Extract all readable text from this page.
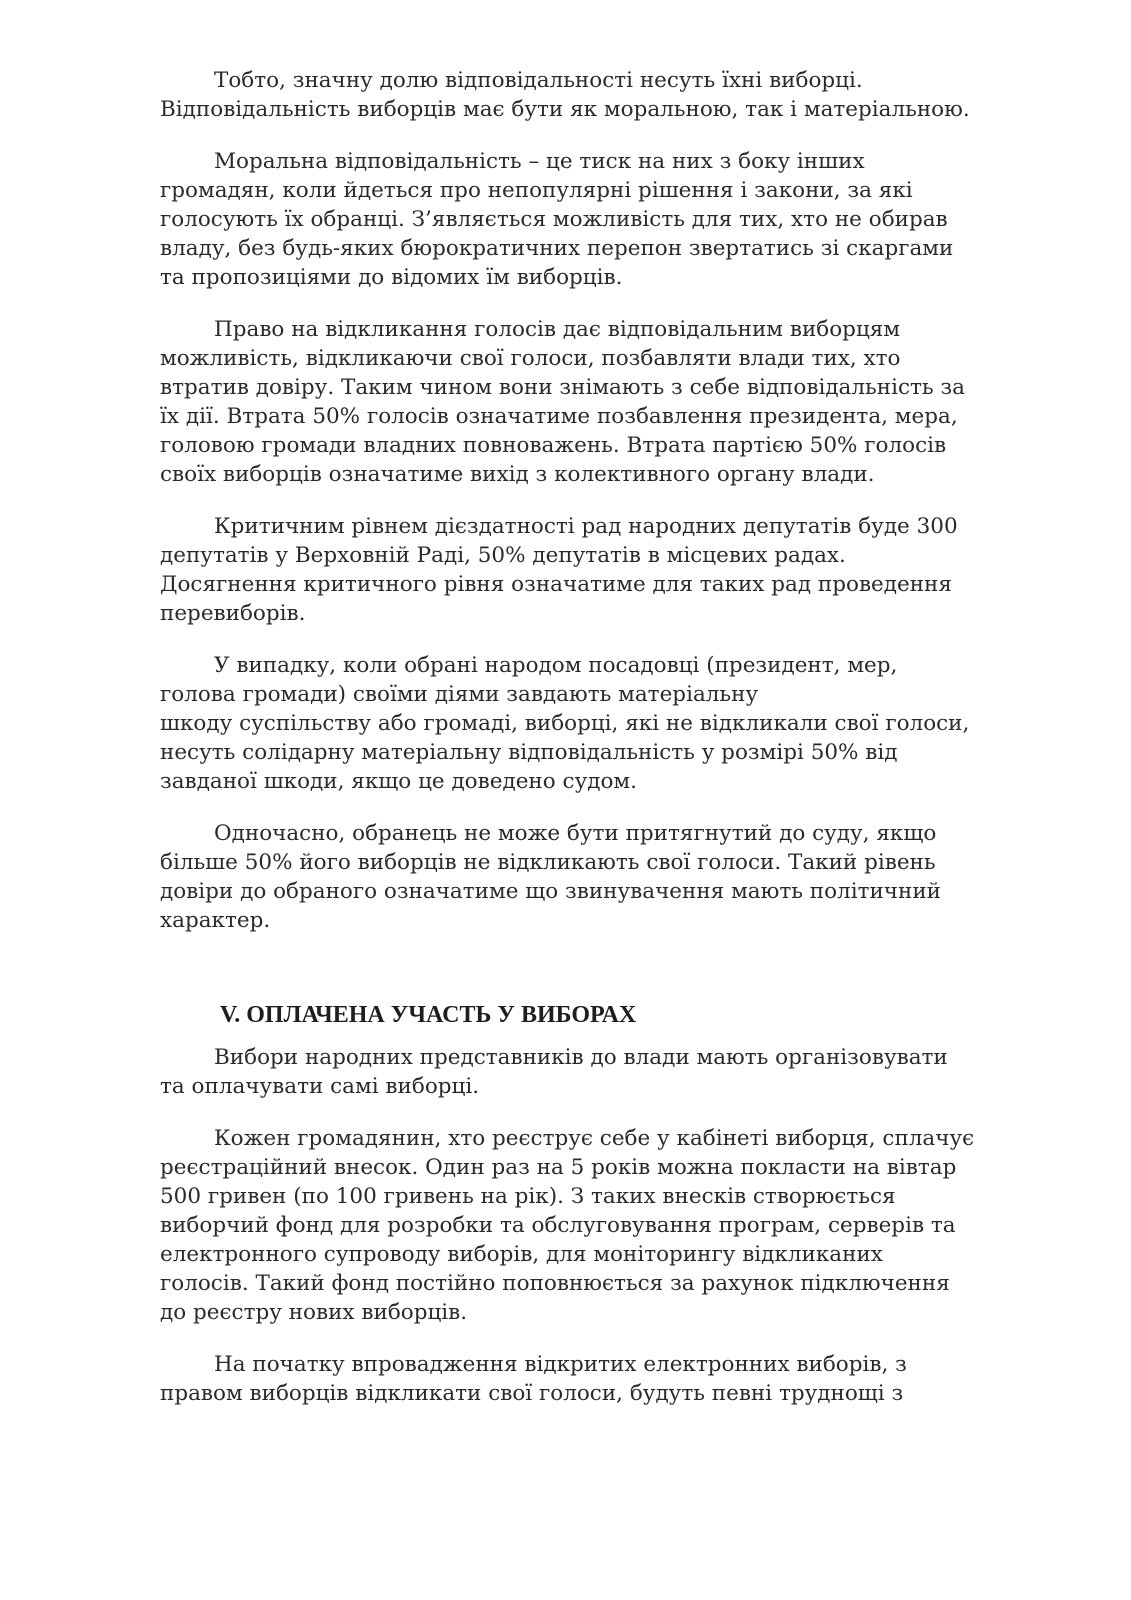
Тобто, значну долю відповідальності несуть їхні виборці.
Відповідальність виборців має бути як моральною, так і матеріальною.

Моральна відповідальність – це тиск на них з боку інших
громадян, коли йдеться про непопулярні рішення і закони, за які
голосують їх обранці. З’являється можливість для тих, хто не обирав
владу, без будь-яких бюрократичних перепон звертатись зі скаргами
та пропозиціями до відомих їм виборців.

Право на відкликання голосів дає відповідальним виборцям
можливість, відкликаючи свої голоси, позбавляти влади тих, хто
втратив довіру. Таким чином вони знімають з себе відповідальність за
їх дії. Втрата 50% голосів означатиме позбавлення президента, мера,
головою громади владних повноважень. Втрата партією 50% голосів
своїх виборців означатиме вихід з колективного органу влади.

Критичним рівнем дієздатності рад народних депутатів буде 300
депутатів у Верховній Раді, 50% депутатів в місцевих радах.
Досягнення критичного рівня означатиме для таких рад проведення
перевиборів.

У випадку, коли обрані народом посадовці (президент, мер,
голова громади) своїми діями завдають матеріальну
шкоду суспільству або громаді, виборці, які не відкликали свої голоси,
несуть солідарну матеріальну відповідальність у розмірі 50% від
завданої шкоди, якщо це доведено судом.

Одночасно, обранець не може бути притягнутий до суду, якщо
більше 50% його виборців не відкликають свої голоси. Такий рівень
довіри до обраного означатиме що звинувачення мають політичний
характер.

V. ОПЛАЧЕНА УЧАСТЬ У ВИБОРАХ

Вибори народних представників до влади мають організовувати
та оплачувати самі виборці.

Кожен громадянин, хто реєструє себе у кабінеті виборця, сплачує
реєстраційний внесок. Один раз на 5 років можна покласти на вівтар
500 гривен (по 100 гривень на рік). З таких внесків створюється
виборчий фонд для розробки та обслуговування програм, серверів та
електронного супроводу виборів, для моніторингу відкликаних
голосів. Такий фонд постійно поповнюється за рахунок підключення
до реєстру нових виборців.

На початку впровадження відкритих електронних виборів, з
правом виборців відкликати свої голоси, будуть певні труднощі з
